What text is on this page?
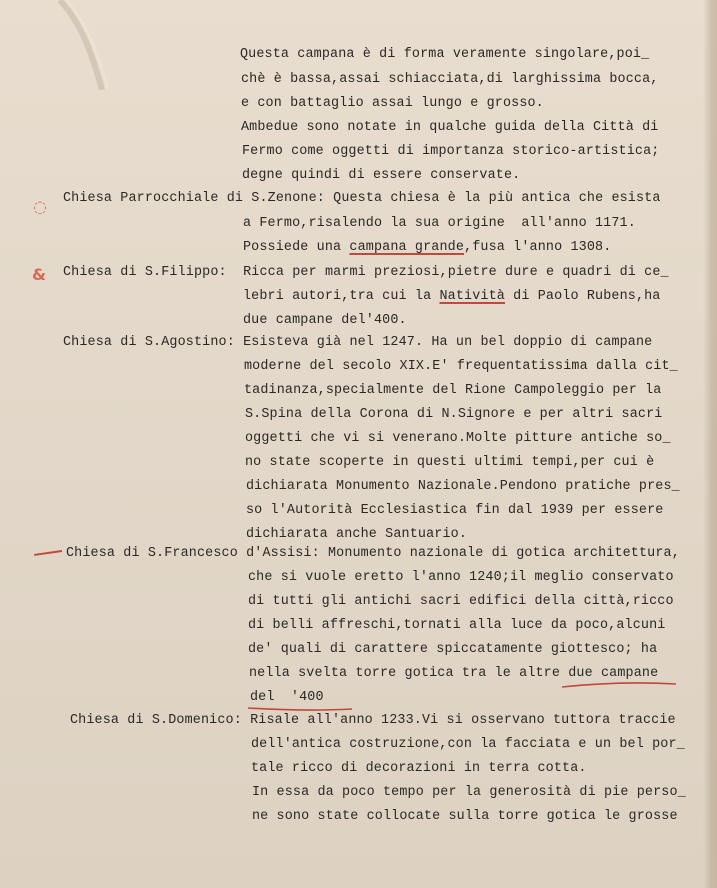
Questa campana è di forma veramente singolare,poi_
chè è bassa,assai schiacciata,di larghissima bocca,
e con battaglio assai lungo e grosso.
Ambedue sono notate in qualche guida della Città di
Fermo come oggetti di importanza storico-artistica;
degne quindi di essere conservate.
Chiesa Parrocchiale di S.Zenone: Questa chiesa è la più antica che esista
a Fermo,risalendo la sua origine  all'anno 1171.
Possiede una campana grande,fusa l'anno 1308.
Chiesa di S.Filippo:  Ricca per marmi preziosi,pietre dure e quadri di ce_
lebri autori,tra cui la Natività di Paolo Rubens,ha
due campane del'400.
Chiesa di S.Agostino: Esisteva già nel 1247. Ha un bel doppio di campane
moderne del secolo XIX.E' frequentatissima dalla cit_
tadinanza,specialmente del Rione Campoleggio per la
S.Spina della Corona di N.Signore e per altri sacri
oggetti che vi si venerano.Molte pitture antiche so_
no state scoperte in questi ultimi tempi,per cui è
dichiarata Monumento Nazionale.Pendono pratiche pres_
so l'Autorità Ecclesiastica fin dal 1939 per essere
dichiarata anche Santuario.
Chiesa di S.Francesco d'Assisi: Monumento nazionale di gotica architettura,
che si vuole eretto l'anno 1240;il meglio conservato
di tutti gli antichi sacri edifici della città,ricco
di belli affreschi,tornati alla luce da poco,alcuni
de' quali di carattere spiccatamente giottesco; ha
nella svelta torre gotica tra le altre due campane
del  '400
Chiesa di S.Domenico: Risale all'anno 1233.Vi si osservano tuttora traccie
dell'antica costruzione,con la facciata e un bel por_
tale ricco di decorazioni in terra cotta.
In essa da poco tempo per la generosità di pie perso_
ne sono state collocate sulla torre gotica le grosse
◌
&
